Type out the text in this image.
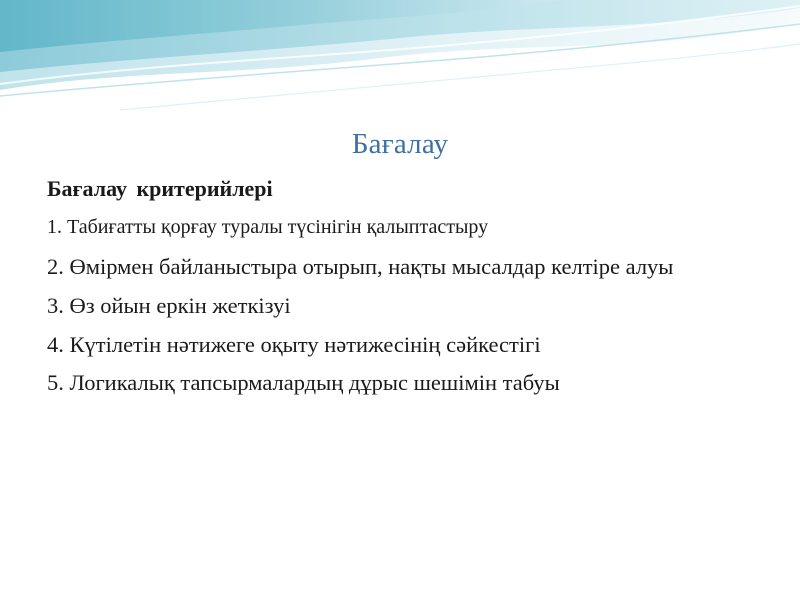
Бағалау
Бағалау критерийлері
1. Табиғатты қорғау туралы түсінігін қалыптастыру
2. Өмірмен байланыстыра отырып, нақты мысалдар келтіре алуы
3. Өз ойын еркін жеткізуі
4. Күтілетін нәтижеге оқыту нәтижесінің сәйкестігі
5. Логикалық тапсырмалардың дұрыс шешімін табуы
